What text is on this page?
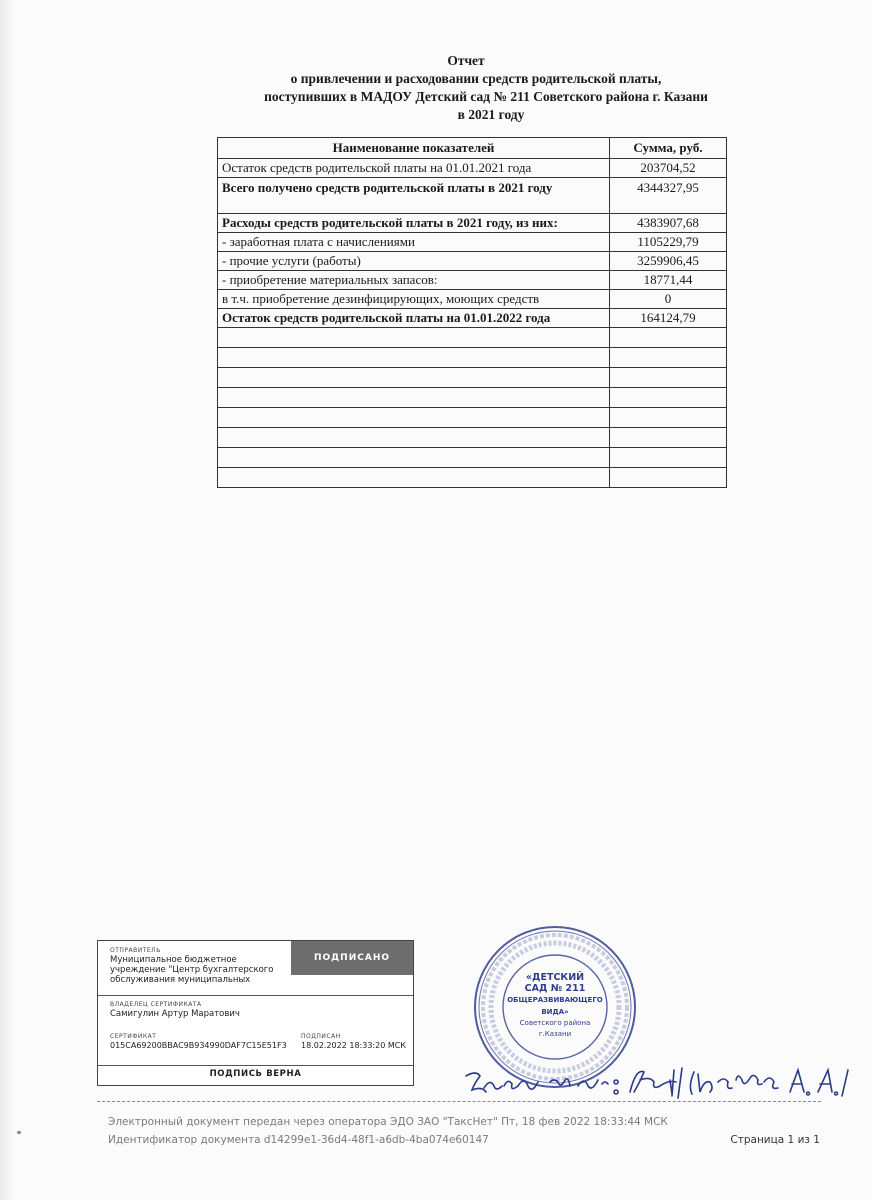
Отчет
о привлечении и расходовании средств родительской платы,
поступивших в МАДОУ Детский сад № 211 Советского района г. Казани
в 2021 году
Наименование показателей	Сумма, руб.
Остаток средств родительской платы на 01.01.2021 года	203704,52
Всего получено средств родительской платы в 2021 году	4344327,95
Расходы средств родительской платы в 2021 году, из них:	4383907,68
- заработная плата с начислениями	1105229,79
- прочие услуги (работы)	3259906,45
- приобретение материальных запасов:	18771,44
в т.ч. приобретение дезинфицирующих, моющих средств	0
Остаток средств родительской платы на 01.01.2022 года	164124,79

ОТПРАВИТЕЛЬ
Муниципальное бюджетное учреждение "Центр бухгалтерского обслуживания муниципальных
ПОДПИСАНО
ВЛАДЕЛЕЦ СЕРТИФИКАТА
Самигулин Артур Маратович
СЕРТИФИКАТ
015CA69200BBAC9B934990DAF7C15E51F3
ПОДПИСАН
18.02.2022 18:33:20 МСК
ПОДПИСЬ ВЕРНА
«ДЕТСКИЙ
САД № 211
ОБЩЕРАЗВИВАЮЩЕГО
ВИДА»
Советского района
г.Казани
Электронный документ передан через оператора ЭДО ЗАО "ТаксНет" Пт, 18 фев 2022 18:33:44 МСК
Идентификатор документа d14299e1-36d4-48f1-a6db-4ba074e60147	Страница 1 из 1
